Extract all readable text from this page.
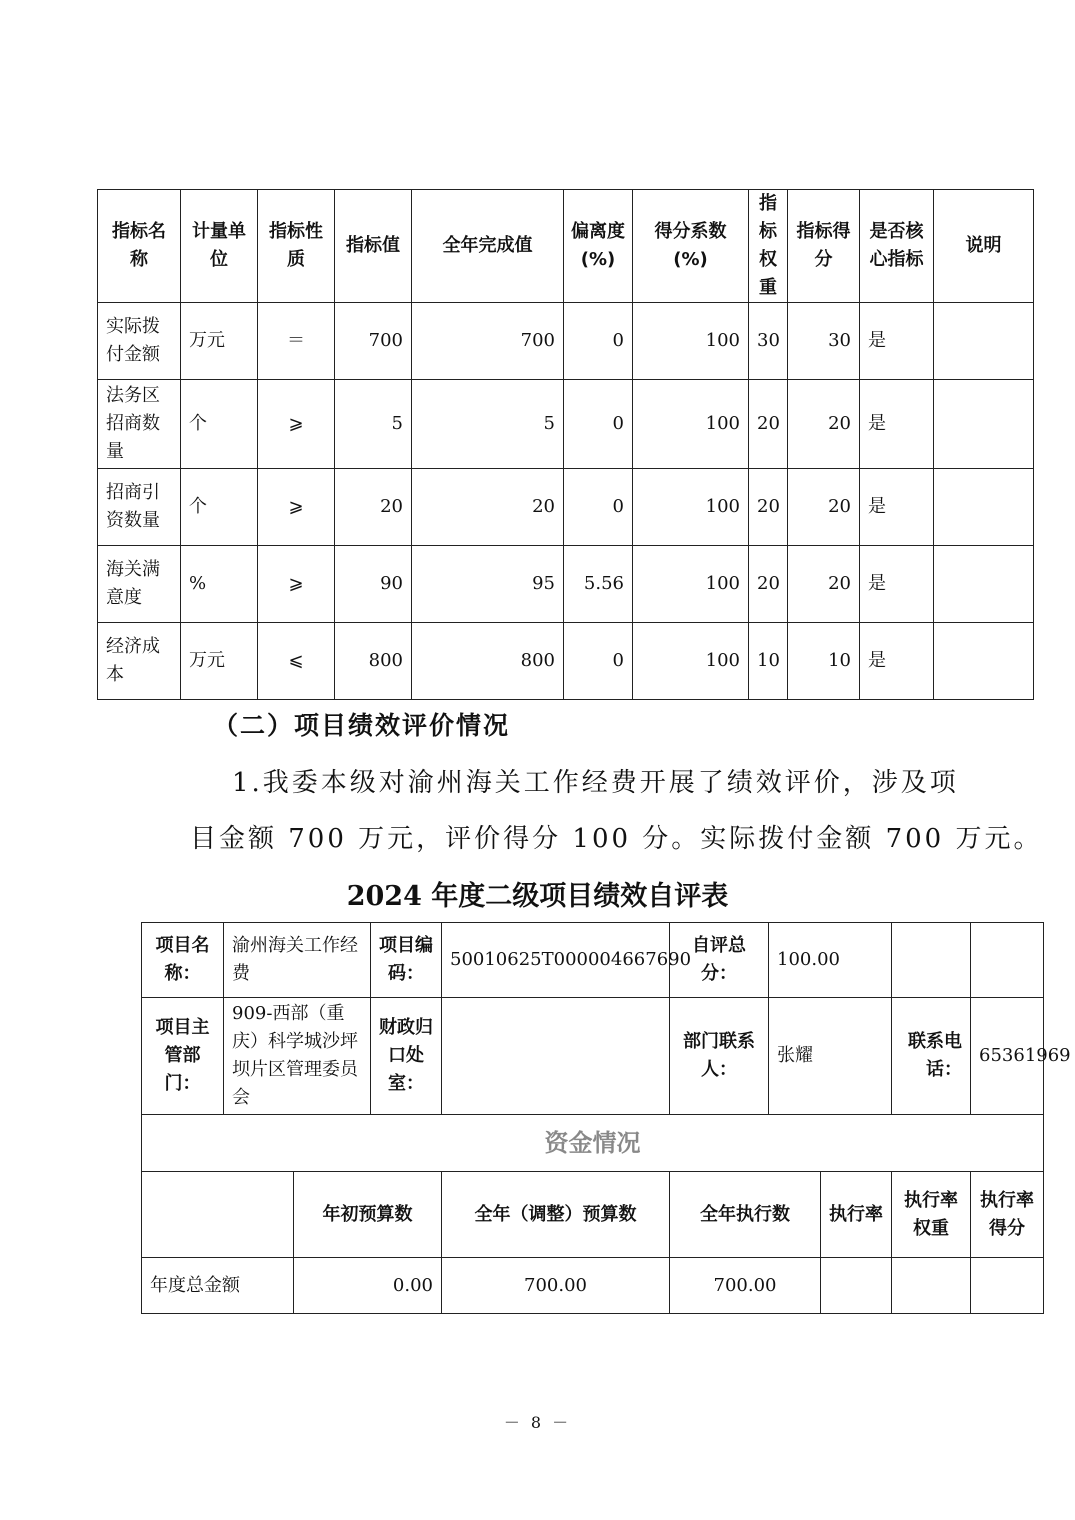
指标名称	计量单位	指标性质	指标值	全年完成值	偏离度(%)	得分系数(%)	指标权重	指标得分	是否核心指标	说明
实际拨付金额	万元	＝	700	700	0	100	30	30	是	
法务区招商数量	个	⩾	5	5	0	100	20	20	是	
招商引资数量	个	⩾	20	20	0	100	20	20	是	
海关满意度	%	⩾	90	95	5.56	100	20	20	是	
经济成本	万元	⩽	800	800	0	100	10	10	是	
（二）项目绩效评价情况
1.我委本级对渝州海关工作经费开展了绩效评价，涉及项
目金额 700 万元，评价得分 100 分。实际拨付金额 700 万元。
2024 年度二级项目绩效自评表
项目名称：	渝州海关工作经费		项目编码：	50010625T000004667690	自评总分：	100.00			
项目主管部门：	909-西部（重庆）科学城沙坪坝片区管理委员会		财政归口处室：		部门联系人：	张耀		联系电话：	65361969
资金情况									
		年初预算数		全年（调整）预算数	全年执行数		执行率	执行率权重	执行率得分
年度总金额		0.00		700.00	700.00				
－ 8 －
